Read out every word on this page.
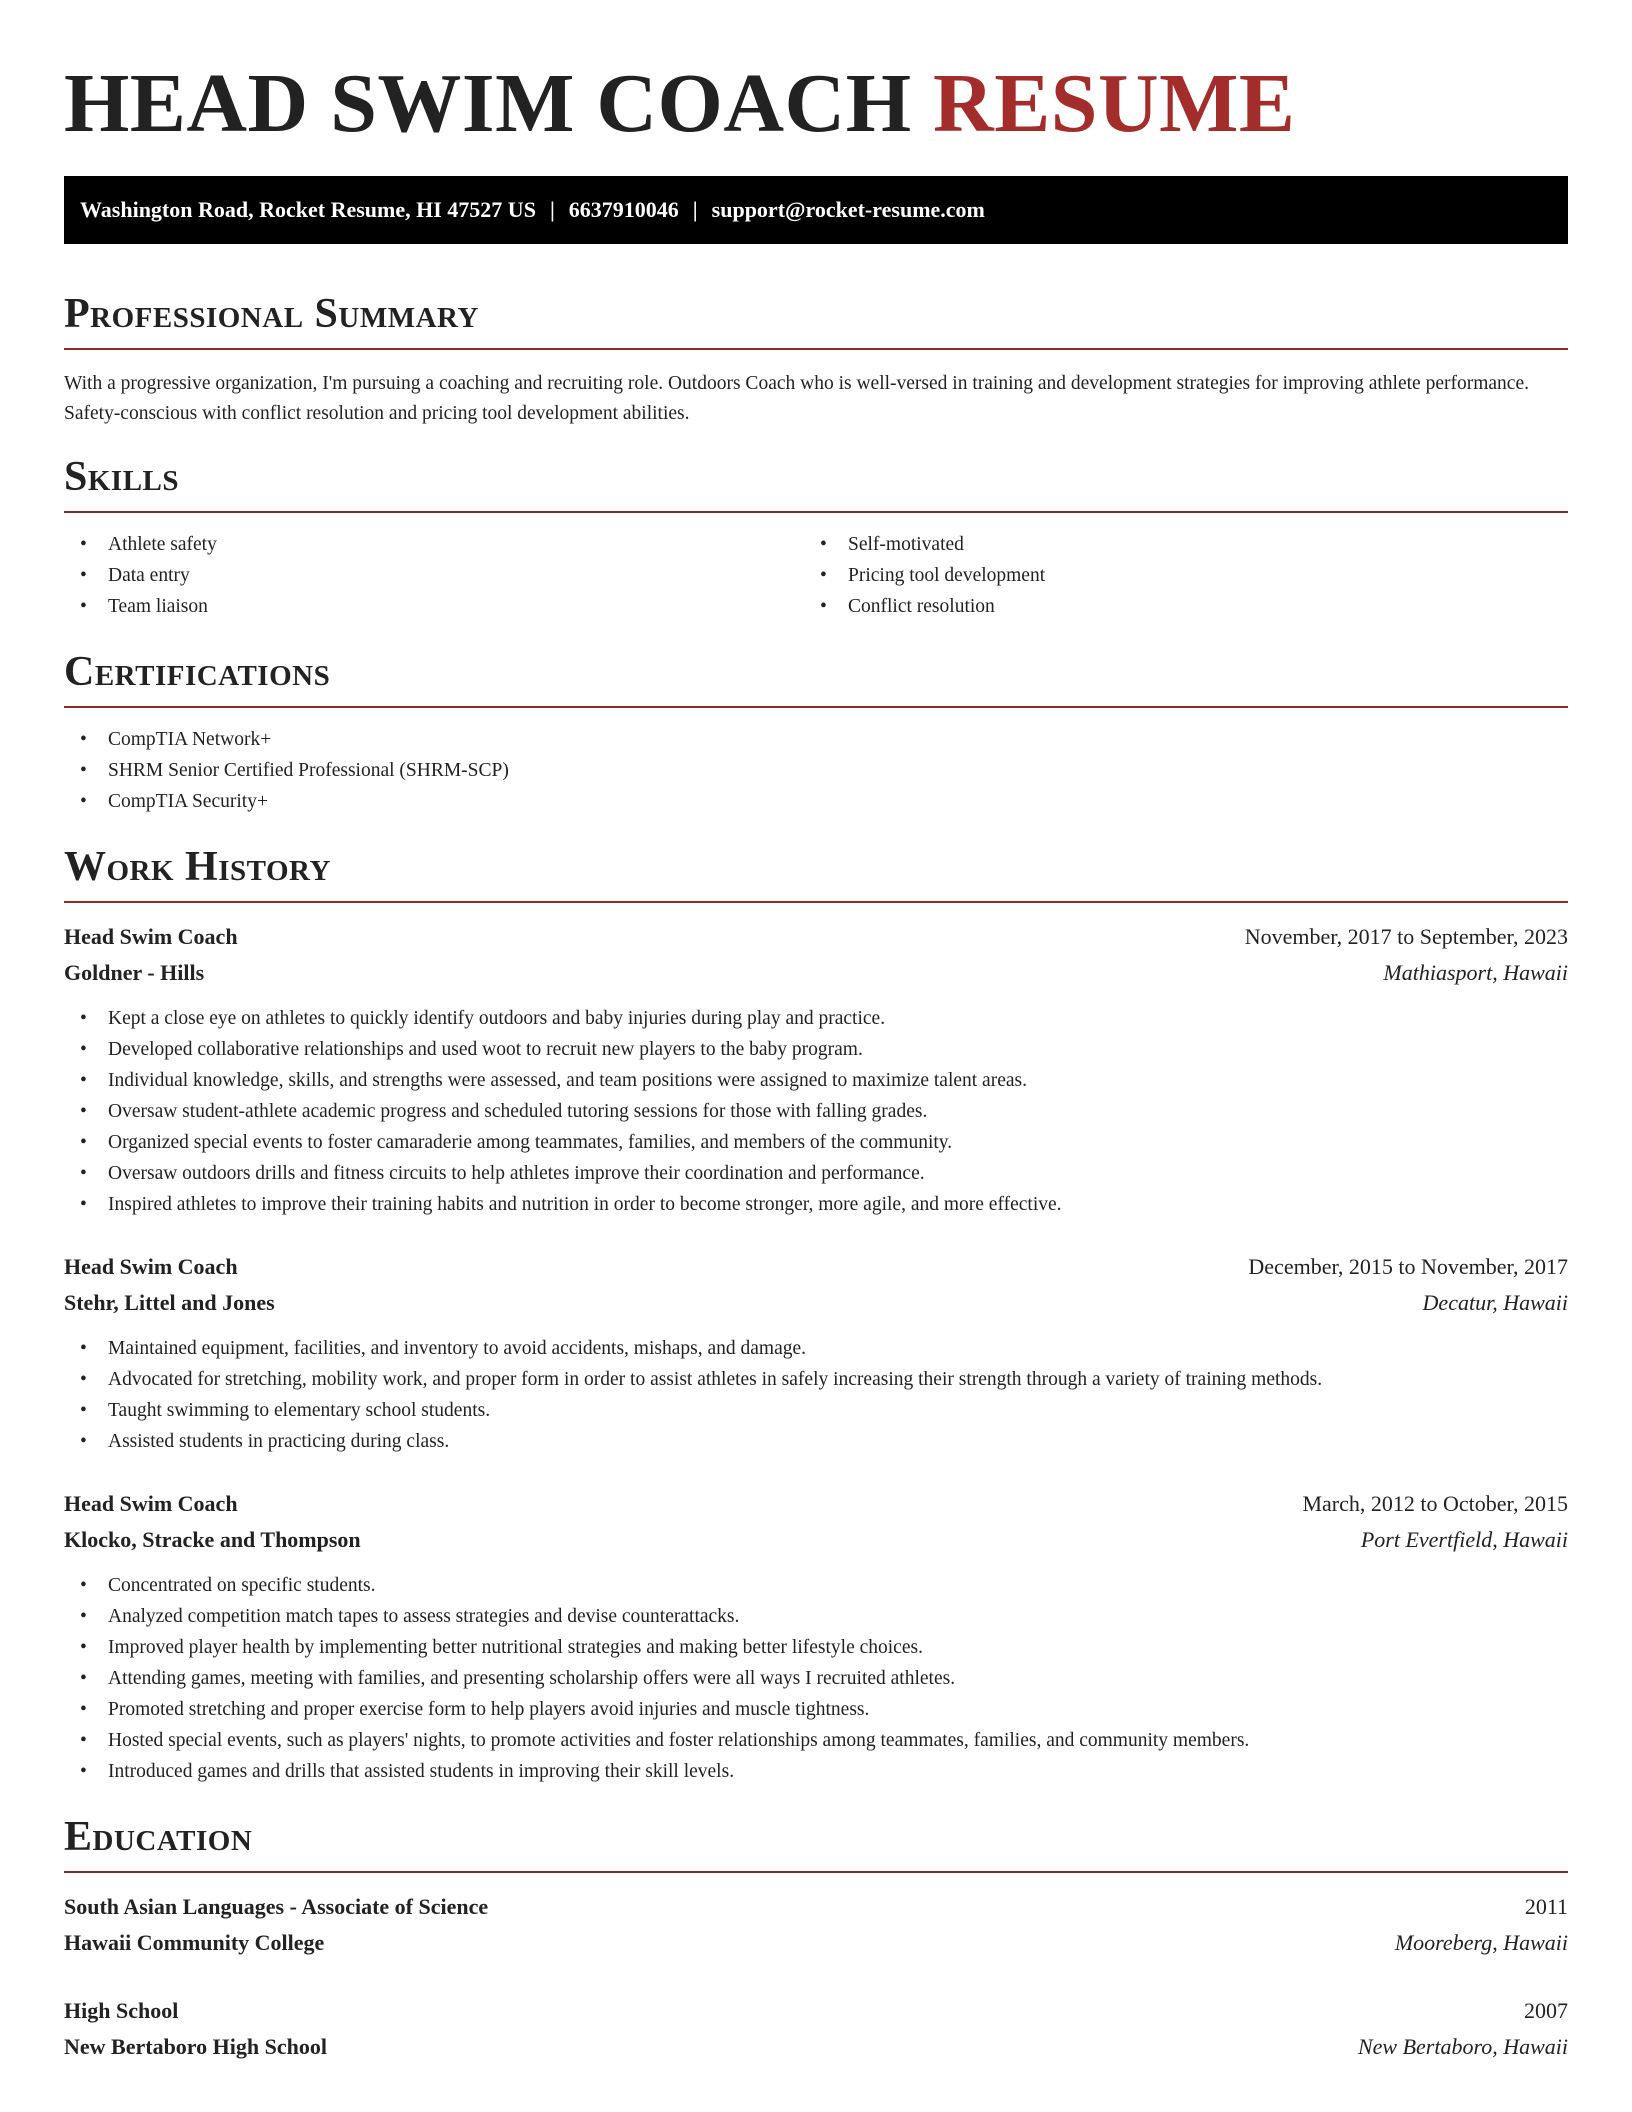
HEAD SWIM COACH RESUME
Washington Road, Rocket Resume, HI 47527 US | 6637910046 | support@rocket-resume.com
Professional Summary
With a progressive organization, I'm pursuing a coaching and recruiting role. Outdoors Coach who is well-versed in training and development strategies for improving athlete performance. Safety-conscious with conflict resolution and pricing tool development abilities.
Skills
• Athlete safety
• Data entry
• Team liaison
• Self-motivated
• Pricing tool development
• Conflict resolution
Certifications
• CompTIA Network+
• SHRM Senior Certified Professional (SHRM-SCP)
• CompTIA Security+
Work History
Head Swim Coach	November, 2017 to September, 2023
Goldner - Hills	Mathiasport, Hawaii
• Kept a close eye on athletes to quickly identify outdoors and baby injuries during play and practice.
• Developed collaborative relationships and used woot to recruit new players to the baby program.
• Individual knowledge, skills, and strengths were assessed, and team positions were assigned to maximize talent areas.
• Oversaw student-athlete academic progress and scheduled tutoring sessions for those with falling grades.
• Organized special events to foster camaraderie among teammates, families, and members of the community.
• Oversaw outdoors drills and fitness circuits to help athletes improve their coordination and performance.
• Inspired athletes to improve their training habits and nutrition in order to become stronger, more agile, and more effective.
Head Swim Coach	December, 2015 to November, 2017
Stehr, Littel and Jones	Decatur, Hawaii
• Maintained equipment, facilities, and inventory to avoid accidents, mishaps, and damage.
• Advocated for stretching, mobility work, and proper form in order to assist athletes in safely increasing their strength through a variety of training methods.
• Taught swimming to elementary school students.
• Assisted students in practicing during class.
Head Swim Coach	March, 2012 to October, 2015
Klocko, Stracke and Thompson	Port Evertfield, Hawaii
• Concentrated on specific students.
• Analyzed competition match tapes to assess strategies and devise counterattacks.
• Improved player health by implementing better nutritional strategies and making better lifestyle choices.
• Attending games, meeting with families, and presenting scholarship offers were all ways I recruited athletes.
• Promoted stretching and proper exercise form to help players avoid injuries and muscle tightness.
• Hosted special events, such as players' nights, to promote activities and foster relationships among teammates, families, and community members.
• Introduced games and drills that assisted students in improving their skill levels.
Education
South Asian Languages - Associate of Science	2011
Hawaii Community College	Mooreberg, Hawaii
High School	2007
New Bertaboro High School	New Bertaboro, Hawaii
